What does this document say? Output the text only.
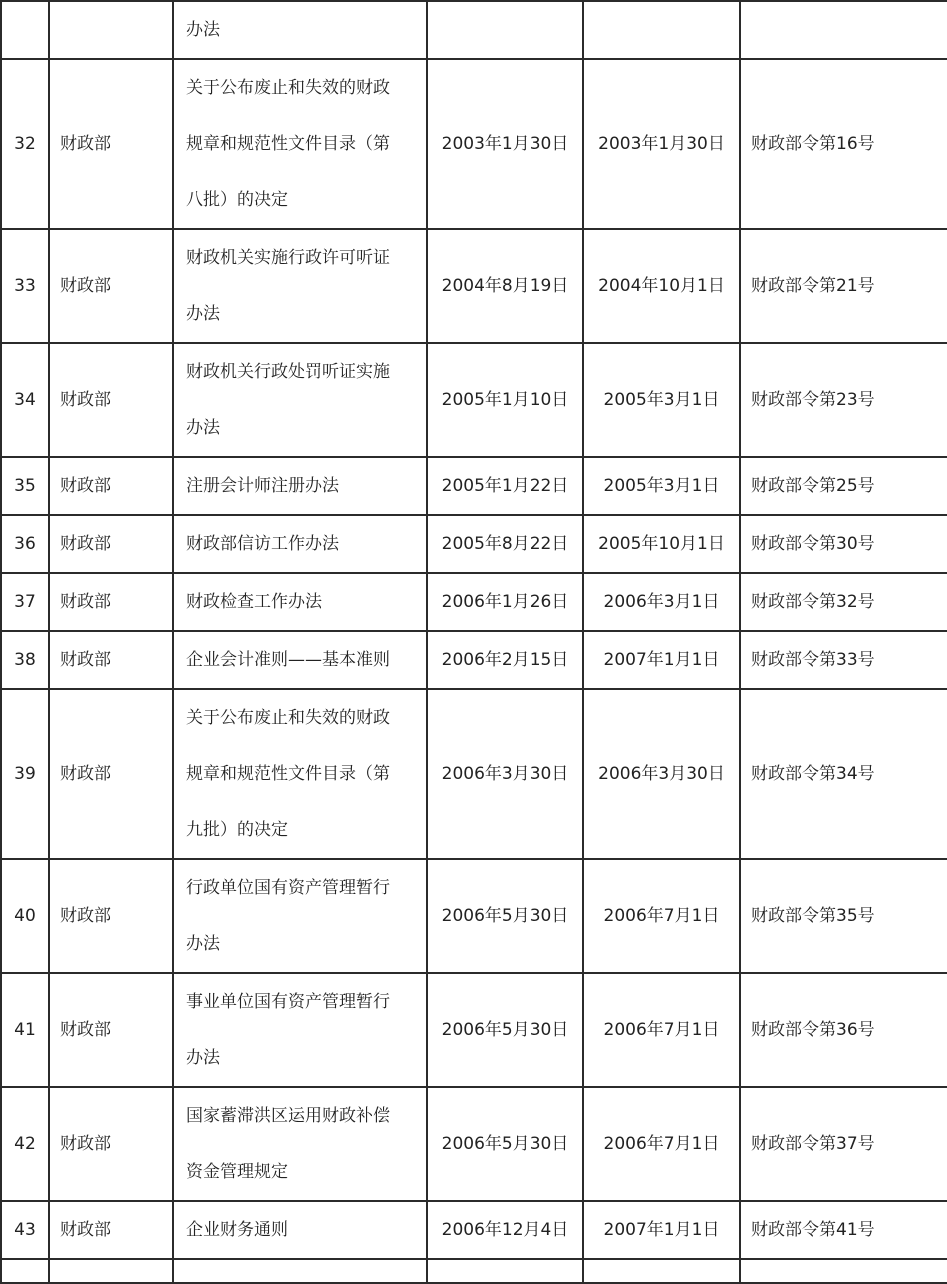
		办法			

32	财政部	关于公布废止和失效的财政
规章和规范性文件目录（第
八批）的决定	2003年1月30日	2003年1月30日	财政部令第16号
33	财政部	财政机关实施行政许可听证
办法	2004年8月19日	2004年10月1日	财政部令第21号
34	财政部	财政机关行政处罚听证实施
办法	2005年1月10日	2005年3月1日	财政部令第23号
35	财政部	注册会计师注册办法	2005年1月22日	2005年3月1日	财政部令第25号
36	财政部	财政部信访工作办法	2005年8月22日	2005年10月1日	财政部令第30号
37	财政部	财政检查工作办法	2006年1月26日	2006年3月1日	财政部令第32号
38	财政部	企业会计准则——基本准则	2006年2月15日	2007年1月1日	财政部令第33号
39	财政部	关于公布废止和失效的财政
规章和规范性文件目录（第
九批）的决定	2006年3月30日	2006年3月30日	财政部令第34号
40	财政部	行政单位国有资产管理暂行
办法	2006年5月30日	2006年7月1日	财政部令第35号
41	财政部	事业单位国有资产管理暂行
办法	2006年5月30日	2006年7月1日	财政部令第36号
42	财政部	国家蓄滞洪区运用财政补偿
资金管理规定	2006年5月30日	2006年7月1日	财政部令第37号
43	财政部	企业财务通则	2006年12月4日	2007年1月1日	财政部令第41号
